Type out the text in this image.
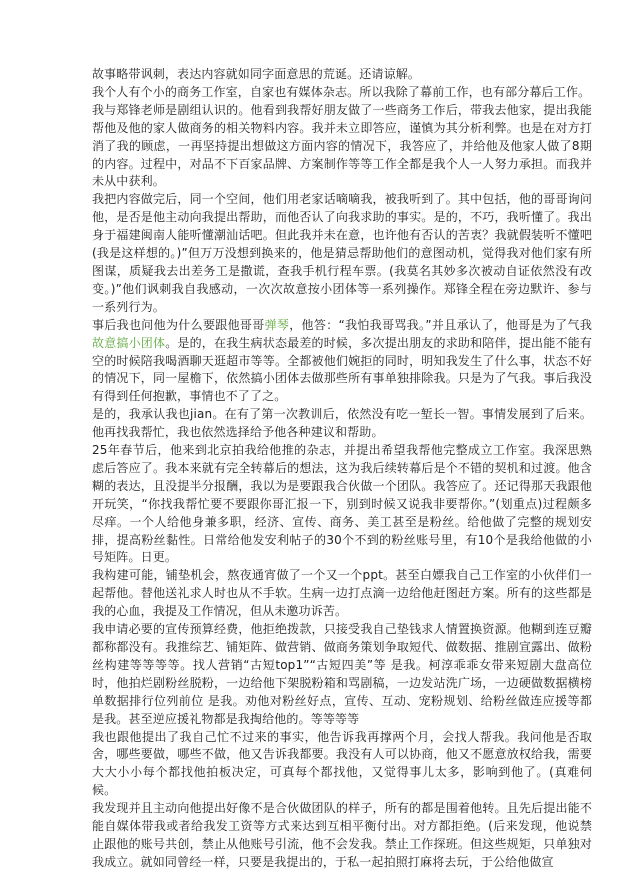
故事略带讽刺，表达内容就如同字面意思的荒诞。还请谅解。

我个人有个小的商务工作室，自家也有媒体杂志。所以我除了幕前工作，也有部分幕后工作。

我与郑锋老师是剧组认识的。他看到我帮好朋友做了一些商务工作后，带我去他家，提出我能帮他及他的家人做商务的相关物料内容。我并未立即答应，谨慎为其分析利弊。也是在对方打消了我的顾虑，一再坚持提出想做这方面内容的情况下，我答应了，并给他及他家人做了8期的内容。过程中，对品不下百家品牌、方案制作等等工作全都是我个人一人努力承担。而我并未从中获利。

我把内容做完后，同一个空间，他们用老家话嘀嘀我，被我听到了。其中包括，他的哥哥询问他，是否是他主动向我提出帮助，而他否认了向我求助的事实。是的，不巧，我听懂了。我出身于福建闽南人能听懂潮汕话吧。但此我并未在意，也许他有否认的苦衷？我就假装听不懂吧(我是这样想的。)”但万万没想到换来的，他是猜忌帮助他们的意图动机，觉得我对他们家有所图谋，质疑我去出差务工是撒谎，查我手机行程车票。(我莫名其妙多次被动自证依然没有改变。)”他们讽刺我自我感动，一次次故意按小团体等一系列操作。郑锋全程在旁边默许、参与一系列行为。

事后我也问他为什么要跟他哥哥弹琴，他答：“我怕我哥骂我。”并且承认了，他哥是为了气我故意搞小团体。是的，在我生病状态最差的时候，多次提出朋友的求助和陪伴，提出能不能有空的时候陪我喝酒聊天逛超市等等。全都被他们婉拒的同时，明知我发生了什么事，状态不好的情况下，同一屋檐下，依然搞小团体去做那些所有事单独排除我。只是为了气我。事后我没有得到任何抱歉，事情也不了了之。

是的，我承认我也jian。在有了第一次教训后，依然没有吃一堑长一智。事情发展到了后来。他再找我帮忙，我也依然选择给予他各种建议和帮助。

25年春节后，他来到北京拍我给他推的杂志，并提出希望我帮他完整成立工作室。我深思熟虑后答应了。我本来就有完全转幕后的想法，这为我后续转幕后是个不错的契机和过渡。他含糊的表达，且没提半分报酬，我以为是要跟我合伙做一个团队。我答应了。还记得那天我跟他开玩笑，“你找我帮忙要不要跟你哥汇报一下，别到时候又说我非要帮你。”(划重点)过程颇多尽痒。一个人给他身兼多职，经济、宣传、商务、美工甚至是粉丝。给他做了完整的规划安排，提高粉丝黏性。日常给他发安利帖子的30个不到的粉丝账号里，有10个是我给他做的小号矩阵。日更。

我构建可能，铺垫机会，熬夜通宵做了一个又一个ppt。甚至白嫖我自己工作室的小伙伴们一起帮他。替他送礼求人时也从不手软。生病一边打点滴一边给他赶图赶方案。所有的这些都是我的心血，我提及工作情况，但从未邀功诉苦。

我申请必要的宣传预算经费，他拒绝拨款，只接受我自己垫钱求人情置换资源。他糊到连豆瓣都称都没有。我推综艺、铺矩阵、做营销、做商务策划争取短代、做数据、推剧宣露出、做粉丝构建等等等等。找人营销“古短top1”“古短四美”等 是我。柯淳乖乖女带来短剧大盘高位时，他拍烂剧粉丝脱粉，一边给他下架脱粉箱和骂剧稿，一边发站洗广场，一边硬做数据横榜单数据排行位列前位 是我。劝他对粉丝好点，宣传、互动、宠粉规划、给粉丝做连应援等都是我。甚至逆应援礼物都是我掏给他的。等等等等

我也跟他提出了我自己忙不过来的事实，他告诉我再撑两个月，会找人帮我。我问他是否取舍，哪些要做，哪些不做，他又告诉我都要。我没有人可以协商，他又不愿意放权给我，需要大大小小每个都找他拍板决定，可真每个都找他，又觉得事儿太多，影响到他了。(真难伺候。

我发现并且主动向他提出好像不是合伙做团队的样子，所有的都是围着他转。且先后提出能不能自媒体带我或者给我发工资等方式来达到互相平衡付出。对方都拒绝。(后来发现，他说禁止跟他的账号共创，禁止从他账号引流，他不会发我。禁止工作探班。但这些规矩，只单独对我成立。就如同曾经一样，只要是我提出的，于私一起拍照打麻将去玩，于公给他做宣
